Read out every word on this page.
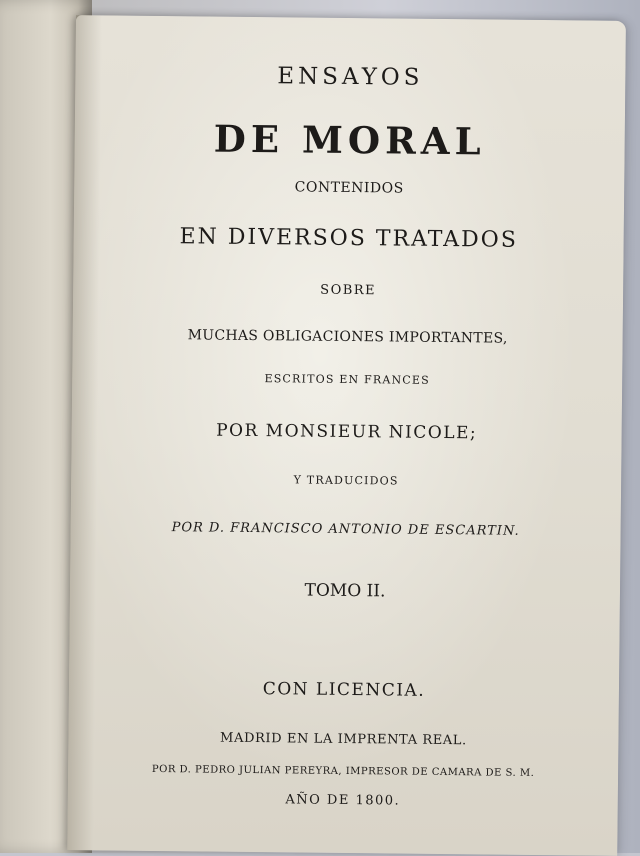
ENSAYOS
DE MORAL
CONTENIDOS
EN DIVERSOS TRATADOS
SOBRE
MUCHAS OBLIGACIONES IMPORTANTES,
ESCRITOS EN FRANCES
POR MONSIEUR NICOLE;
Y TRADUCIDOS
POR D. FRANCISCO ANTONIO DE ESCARTIN.
TOMO II.
CON LICENCIA.
MADRID EN LA IMPRENTA REAL.
POR D. PEDRO JULIAN PEREYRA, IMPRESOR DE CAMARA DE S. M.
AÑO DE 1800.
